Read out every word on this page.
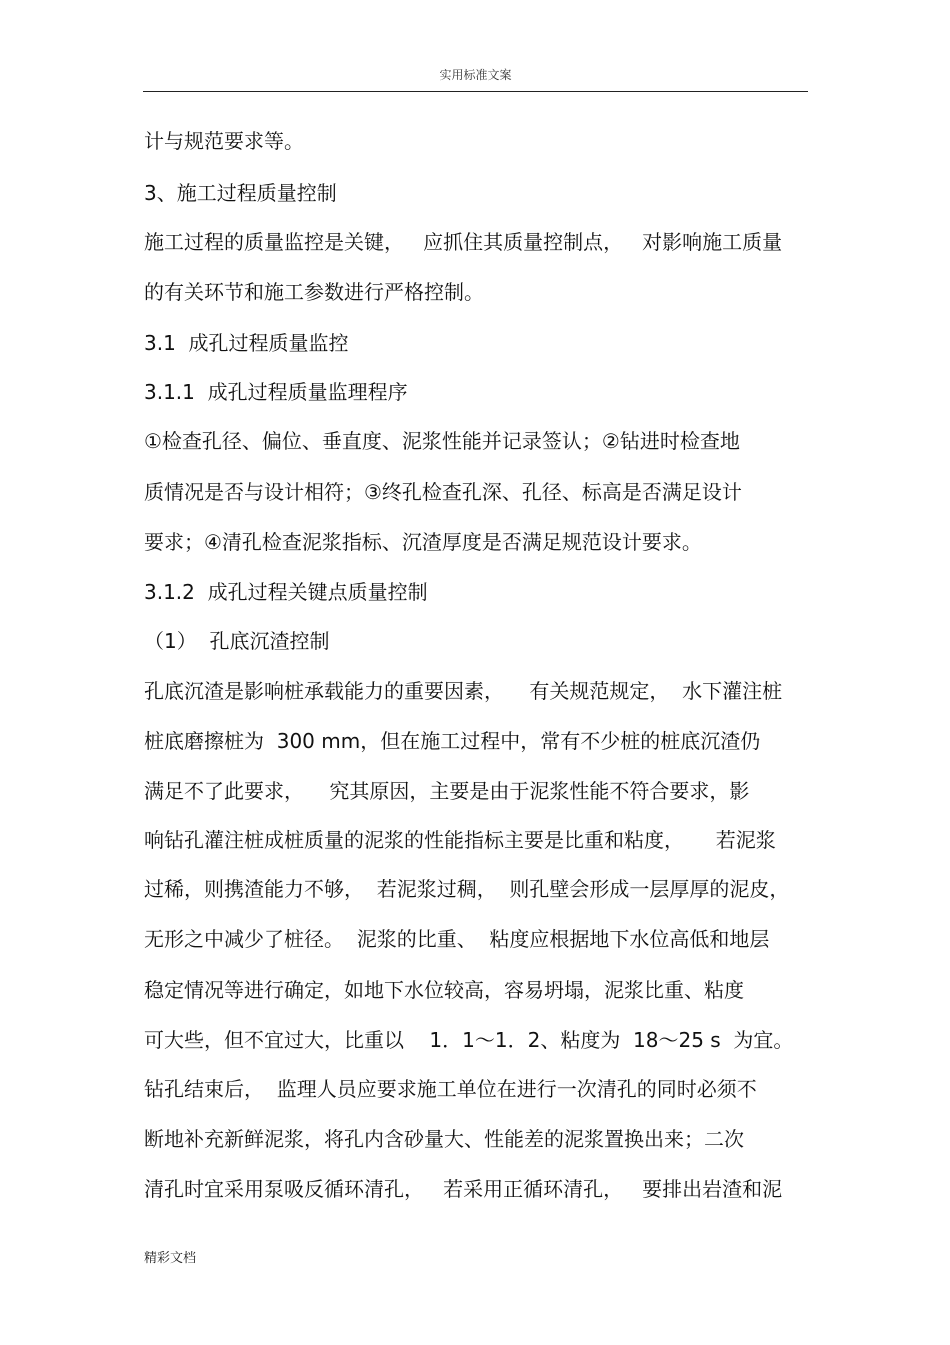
实用标准文案
计与规范要求等。
3、施工过程质量控制
施工过程的质量监控是关键，   应抓住其质量控制点，   对影响施工质量
的有关环节和施工参数进行严格控制。
3.1  成孔过程质量监控
3.1.1  成孔过程质量监理程序
①检查孔径、偏位、垂直度、泥浆性能并记录签认；②钻进时检查地
质情况是否与设计相符；③终孔检查孔深、孔径、标高是否满足设计
要求；④清孔检查泥浆指标、沉渣厚度是否满足规范设计要求。
3.1.2  成孔过程关键点质量控制
（1）  孔底沉渣控制
孔底沉渣是影响桩承载能力的重要因素，    有关规范规定，  水下灌注桩
桩底磨擦桩为  300 mm，但在施工过程中，常有不少桩的桩底沉渣仍
满足不了此要求，    究其原因，主要是由于泥浆性能不符合要求，影
响钻孔灌注桩成桩质量的泥浆的性能指标主要是比重和粘度，     若泥浆
过稀，则携渣能力不够，  若泥浆过稠，  则孔壁会形成一层厚厚的泥皮，
无形之中减少了桩径。  泥浆的比重、  粘度应根据地下水位高低和地层
稳定情况等进行确定，如地下水位较高，容易坍塌，泥浆比重、粘度
可大些，但不宜过大，比重以    1．1～1．2、粘度为  18～25 s  为宜。
钻孔结束后，  监理人员应要求施工单位在进行一次清孔的同时必须不
断地补充新鲜泥浆，将孔内含砂量大、性能差的泥浆置换出来；二次
清孔时宜采用泵吸反循环清孔，   若采用正循环清孔，   要排出岩渣和泥
精彩文档
